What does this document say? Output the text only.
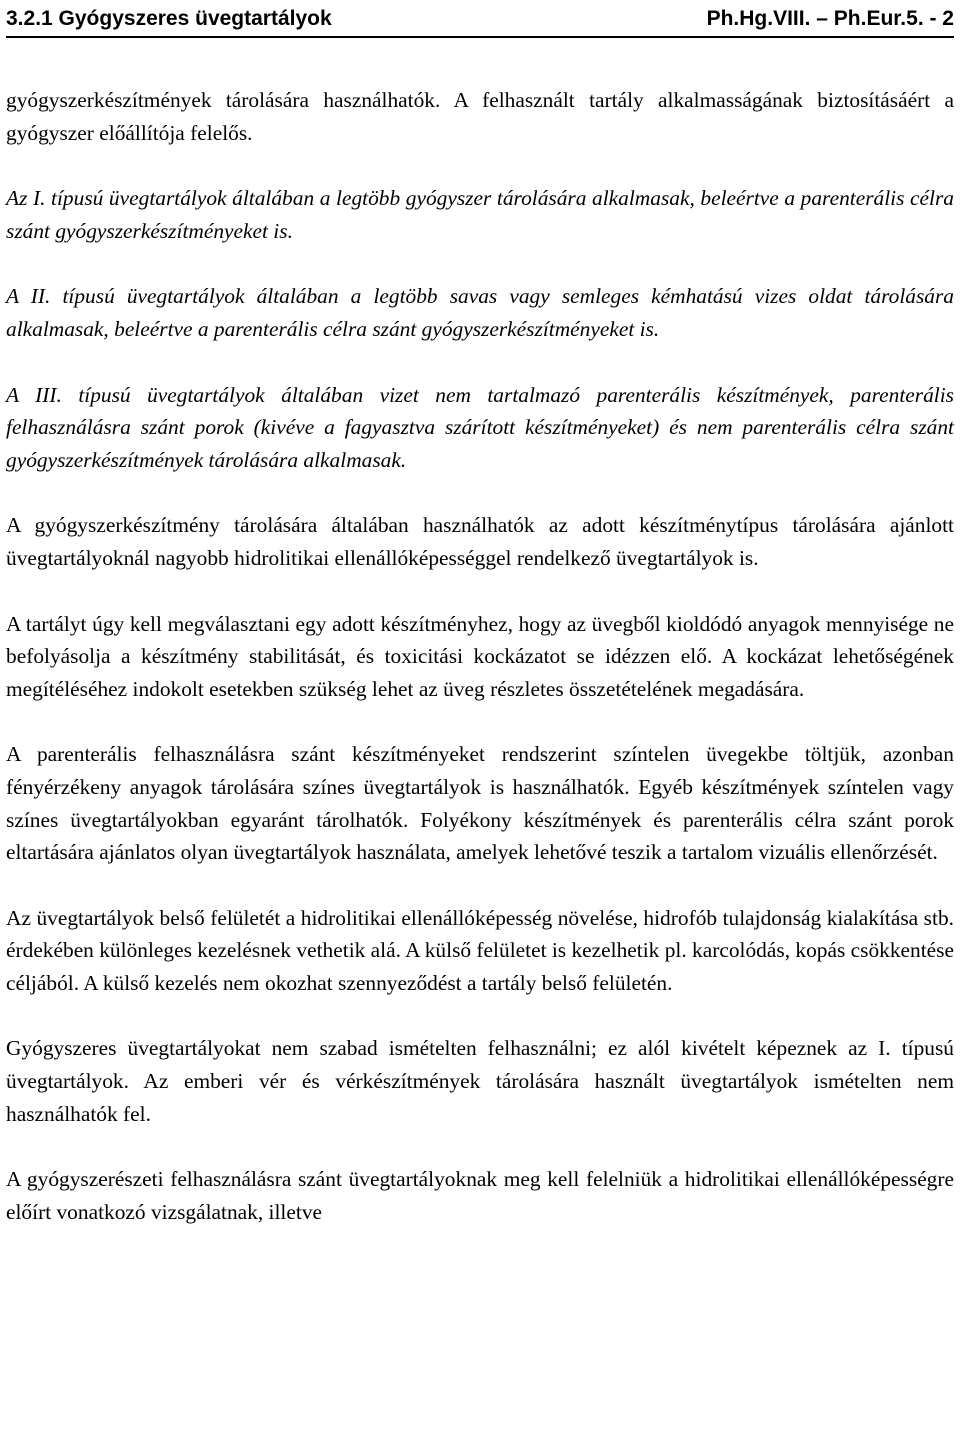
3.2.1 Gyógyszeres üvegtartályok	Ph.Hg.VIII. – Ph.Eur.5. - 2

gyógyszerkészítmények tárolására használhatók. A felhasznált tartály alkalmasságának biztosításáért a gyógyszer előállítója felelős.

Az I. típusú üvegtartályok általában a legtöbb gyógyszer tárolására alkalmasak, beleértve a parenterális célra szánt gyógyszerkészítményeket is.

A II. típusú üvegtartályok általában a legtöbb savas vagy semleges kémhatású vizes oldat tárolására alkalmasak, beleértve a parenterális célra szánt gyógyszerkészítményeket is.

A III. típusú üvegtartályok általában vizet nem tartalmazó parenterális készítmények, parenterális felhasználásra szánt porok (kivéve a fagyasztva szárított készítményeket) és nem parenterális célra szánt gyógyszerkészítmények tárolására alkalmasak.

A gyógyszerkészítmény tárolására általában használhatók az adott készítménytípus tárolására ajánlott üvegtartályoknál nagyobb hidrolitikai ellenállóképességgel rendelkező üvegtartályok is.

A tartályt úgy kell megválasztani egy adott készítményhez, hogy az üvegből kioldódó anyagok mennyisége ne befolyásolja a készítmény stabilitását, és toxicitási kockázatot se idézzen elő. A kockázat lehetőségének megítéléséhez indokolt esetekben szükség lehet az üveg részletes összetételének megadására.

A parenterális felhasználásra szánt készítményeket rendszerint színtelen üvegekbe töltjük, azonban fényérzékeny anyagok tárolására színes üvegtartályok is használhatók. Egyéb készítmények színtelen vagy színes üvegtartályokban egyaránt tárolhatók. Folyékony készítmények és parenterális célra szánt porok eltartására ajánlatos olyan üvegtartályok használata, amelyek lehetővé teszik a tartalom vizuális ellenőrzését.

Az üvegtartályok belső felületét a hidrolitikai ellenállóképesség növelése, hidrofób tulajdonság kialakítása stb. érdekében különleges kezelésnek vethetik alá. A külső felületet is kezelhetik pl. karcolódás, kopás csökkentése céljából. A külső kezelés nem okozhat szennyeződést a tartály belső felületén.

Gyógyszeres üvegtartályokat nem szabad ismételten felhasználni; ez alól kivételt képeznek az I. típusú üvegtartályok. Az emberi vér és vérkészítmények tárolására használt üvegtartályok ismételten nem használhatók fel.

A gyógyszerészeti felhasználásra szánt üvegtartályoknak meg kell felelniük a hidrolitikai ellenállóképességre előírt vonatkozó vizsgálatnak, illetve
